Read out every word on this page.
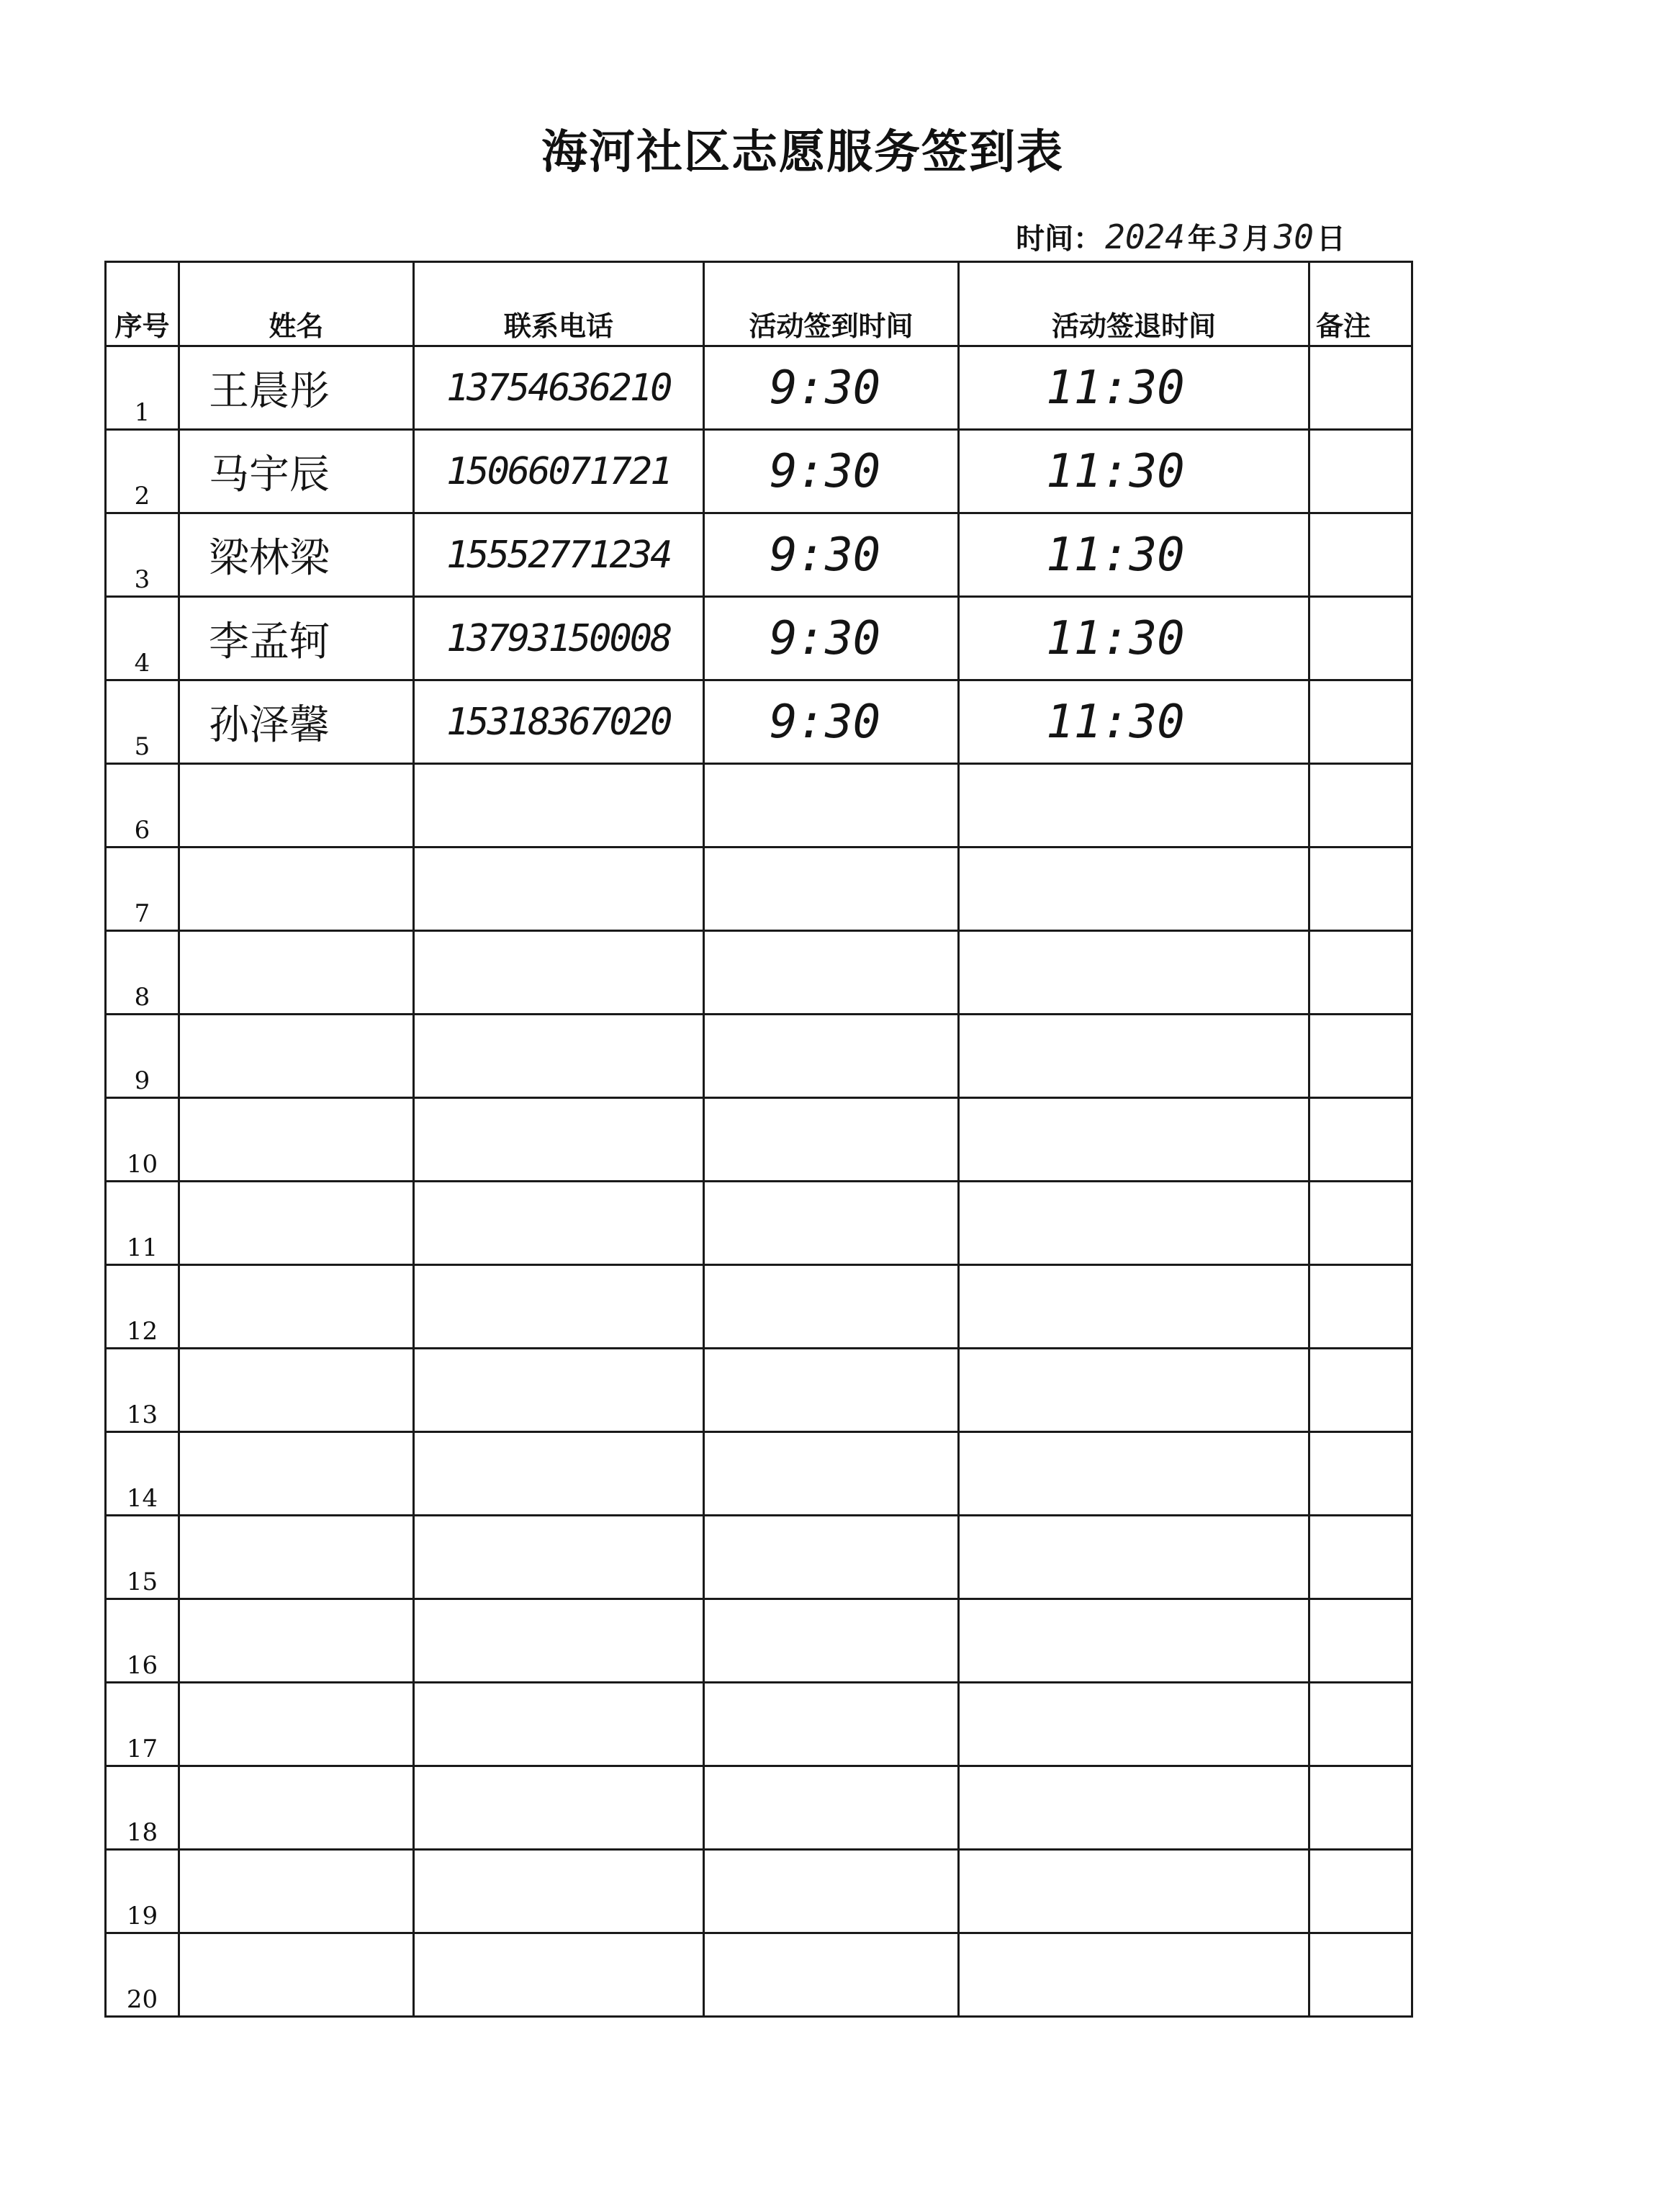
海河社区志愿服务签到表
时间：2024 年3 月30 日
序号	姓名	联系电话	活动签到时间	活动签退时间	备注
1	王晨彤	13754636210	9:30	11:30	
2	马宇辰	15066071721	9:30	11:30	
3	梁林梁	15552771234	9:30	11:30	
4	李孟轲	13793150008	9:30	11:30	
5	孙泽馨	15318367020	9:30	11:30	
6					
7					
8					
9					
10					
11					
12					
13					
14					
15					
16					
17					
18					
19					
20					
